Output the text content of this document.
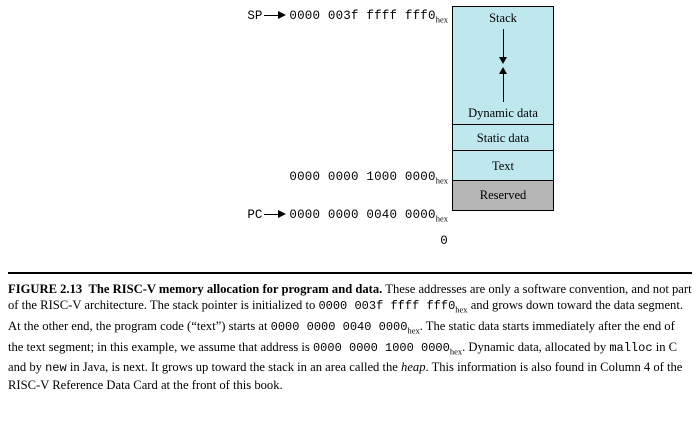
SP 0000 003f ffff $fff0_{hex}$
0000 0000 1000 $0000_{hex}$
PC 0000 0000 0040 $0000_{hex}$
0
Stack
Dynamic data
Static data
Text
Reserved
FIGURE 2.13 The RISC-V memory allocation for program and data. These addresses are only a software convention, and not part of the RISC-V architecture. The stack pointer is initialized to 0000 003f ffff $fff0_{hex}$ and grows down toward the data segment. At the other end, the program code (“text”) starts at 0000 0000 0040 $0000_{hex}$. The static data starts immediately after the end of the text segment; in this example, we assume that address is 0000 0000 1000 $0000_{hex}$. Dynamic data, allocated by malloc in C and by new in Java, is next. It grows up toward the stack in an area called the heap. This information is also found in Column 4 of the RISC-V Reference Data Card at the front of this book.
